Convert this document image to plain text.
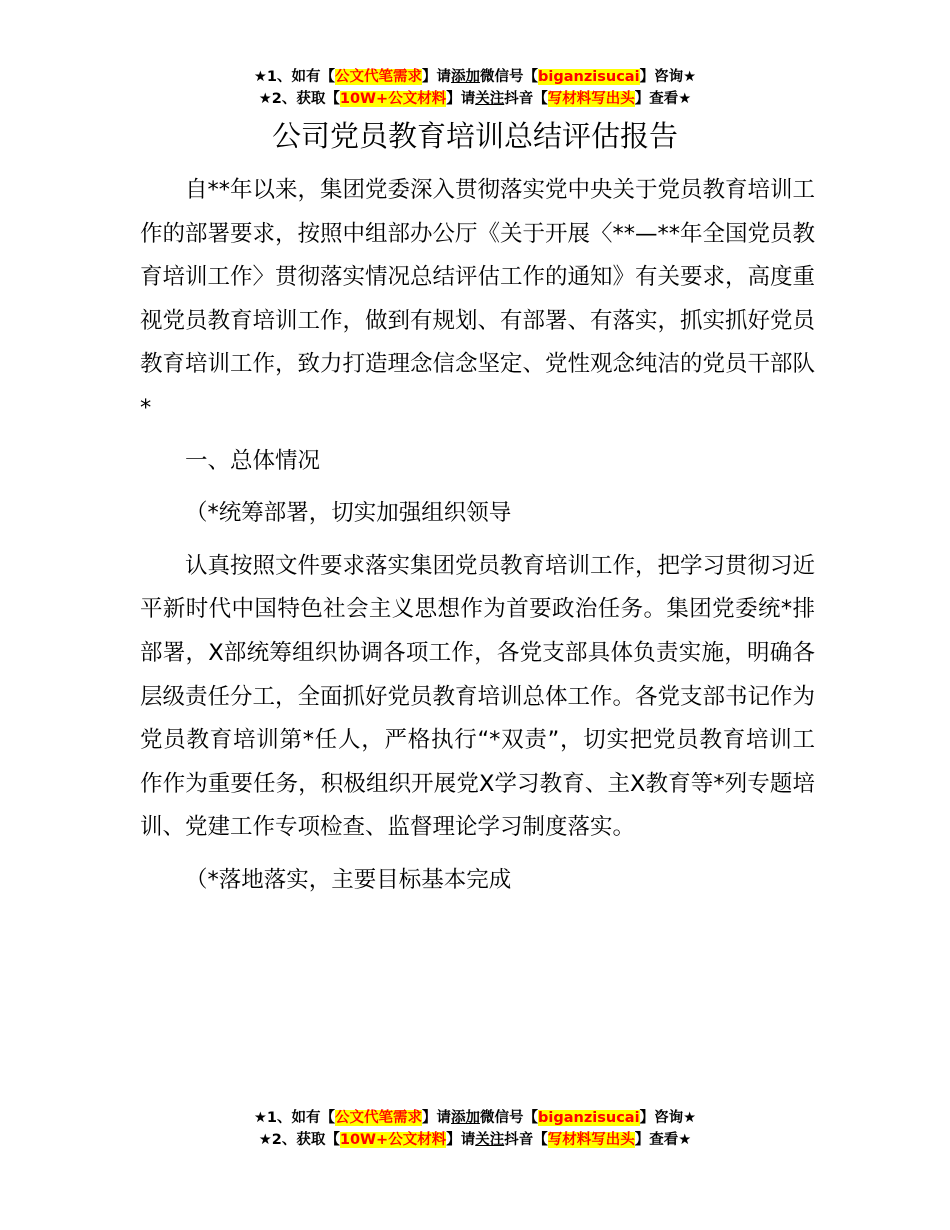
★1、如有【公文代笔需求】请添加微信号【biganzisucai】咨询★
★2、获取【10W+公文材料】请关注抖音【写材料写出头】查看★
公司党员教育培训总结评估报告

自**年以来，集团党委深入贯彻落实党中央关于党员教育培训工作的部署要求，按照中组部办公厅《关于开展〈**—**年全国党员教育培训工作〉贯彻落实情况总结评估工作的通知》有关要求，高度重视党员教育培训工作，做到有规划、有部署、有落实，抓实抓好党员教育培训工作，致力打造理念信念坚定、党性观念纯洁的党员干部队*

一、总体情况

（*统筹部署，切实加强组织领导

认真按照文件要求落实集团党员教育培训工作，把学习贯彻习近平新时代中国特色社会主义思想作为首要政治任务。集团党委统*排部署，X部统筹组织协调各项工作，各党支部具体负责实施，明确各层级责任分工，全面抓好党员教育培训总体工作。各党支部书记作为党员教育培训第*任人，严格执行“*双责”，切实把党员教育培训工作作为重要任务，积极组织开展党X学习教育、主X教育等*列专题培训、党建工作专项检查、监督理论学习制度落实。

（*落地落实，主要目标基本完成

★1、如有【公文代笔需求】请添加微信号【biganzisucai】咨询★
★2、获取【10W+公文材料】请关注抖音【写材料写出头】查看★
